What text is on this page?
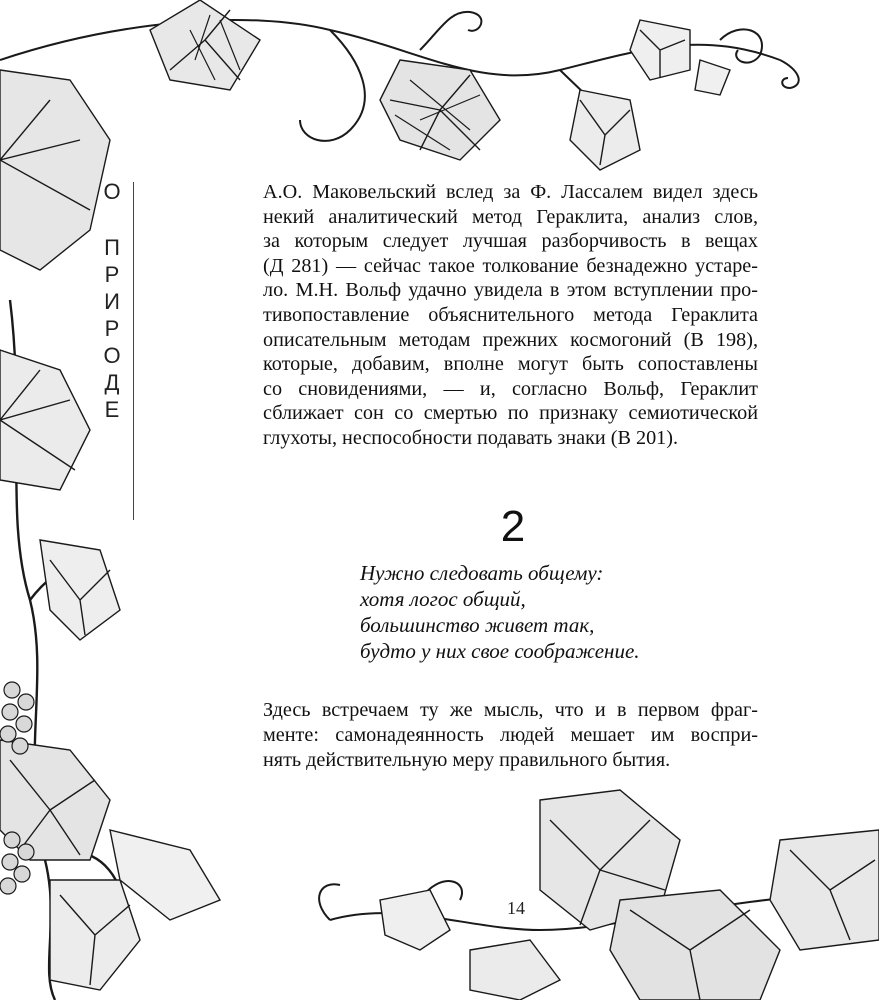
О
П
Р
И
Р
О
Д
Е
А.О. Маковельский вслед за Ф. Лассалем видел здесь
некий аналитический метод Гераклита, анализ слов,
за которым следует лучшая разборчивость в вещах
(Д 281) — сейчас такое толкование безнадежно устаре-
ло. М.Н. Вольф удачно увидела в этом вступлении про-
тивопоставление объяснительного метода Гераклита
описательным методам прежних космогоний (В 198),
которые, добавим, вполне могут быть сопоставлены
со сновидениями, — и, согласно Вольф, Гераклит
сближает сон со смертью по признаку семиотической
глухоты, неспособности подавать знаки (В 201).
2
Нужно следовать общему:
хотя логос общий,
большинство живет так,
будто у них свое соображение.
Здесь встречаем ту же мысль, что и в первом фраг-
менте: самонадеянность людей мешает им воспри-
нять действительную меру правильного бытия.
14
